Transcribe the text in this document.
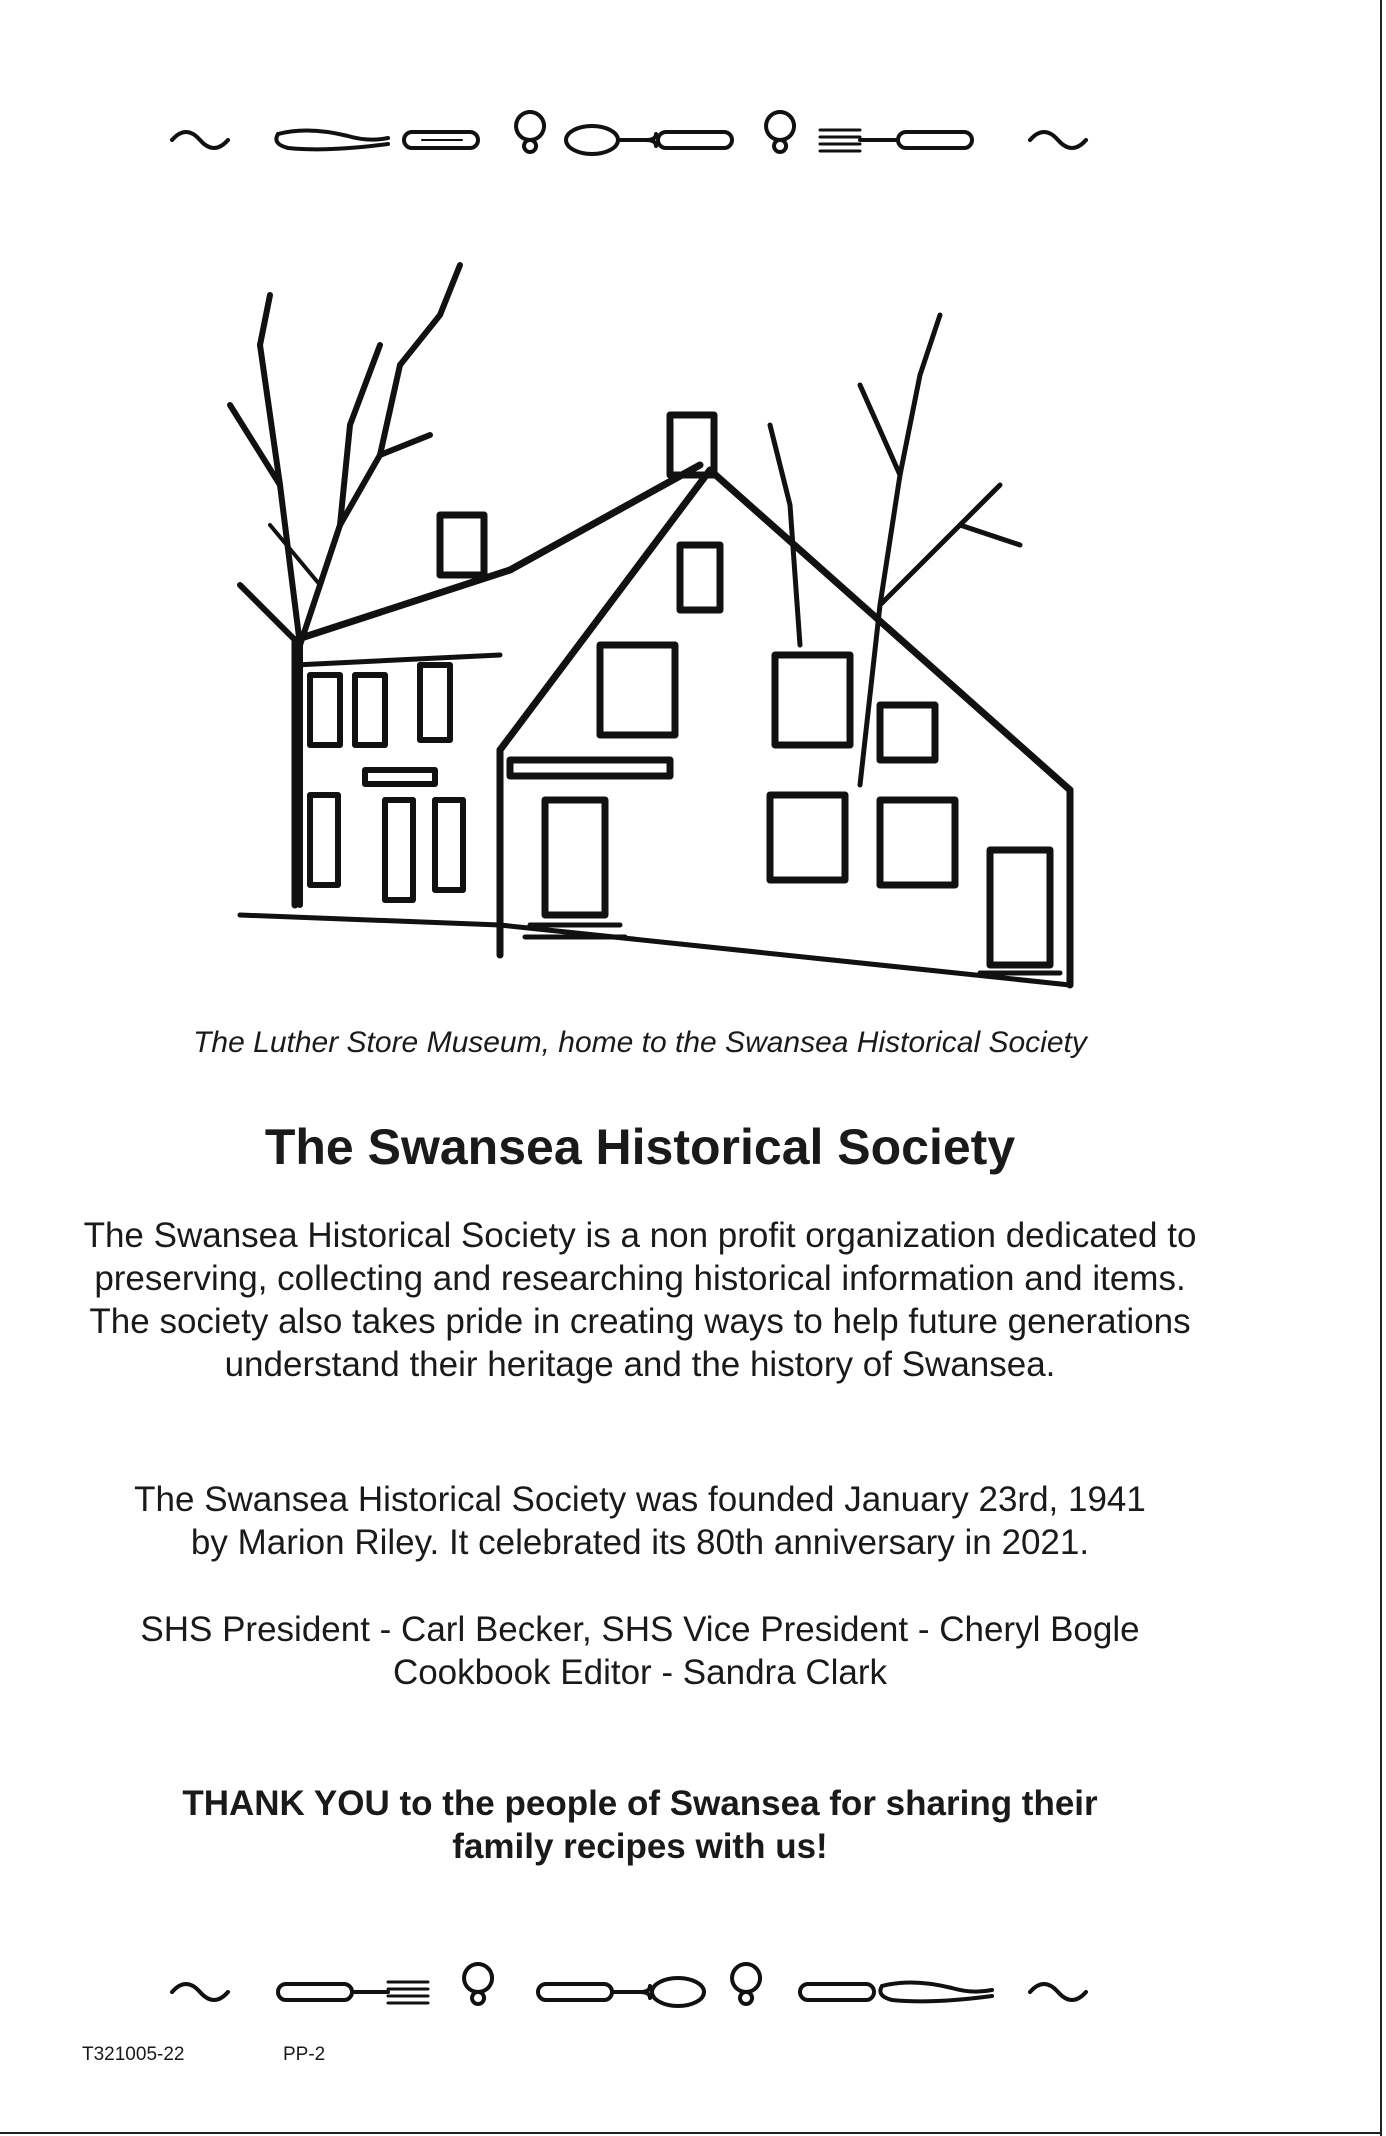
The Luther Store Museum, home to the Swansea Historical Society
The Swansea Historical Society

The Swansea Historical Society is a non profit organization dedicated to preserving, collecting and researching historical information and items. The society also takes pride in creating ways to help future generations understand their heritage and the history of Swansea.

The Swansea Historical Society was founded January 23rd, 1941
by Marion Riley. It celebrated its 80th anniversary in 2021.

SHS President - Carl Becker, SHS Vice President - Cheryl Bogle
Cookbook Editor - Sandra Clark

THANK YOU to the people of Swansea for sharing their
family recipes with us!

T321005-22	PP-2
